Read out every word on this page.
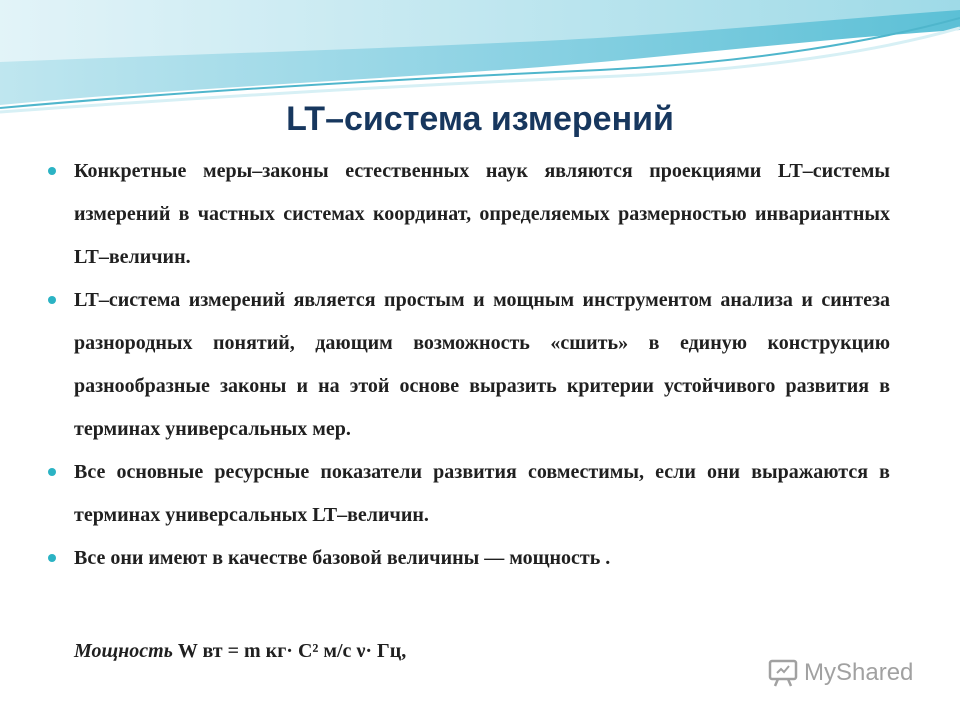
LT–система измерений
Конкретные меры–законы естественных наук являются проекциями LT–системы измерений в частных системах координат, определяемых размерностью инвариантных LT–величин.
LT–система измерений является простым и мощным инструментом анализа и синтеза разнородных понятий, дающим возможность «сшить» в единую конструкцию разнообразные законы и на этой основе выразить критерии устойчивого развития в терминах универсальных мер.
Все основные ресурсные показатели развития совместимы, если они выражаются в терминах универсальных LT–величин.
Все они имеют в качестве базовой величины — мощность .
Мощность W вт = m кг· C² м/с ν· Гц,
MyShared
